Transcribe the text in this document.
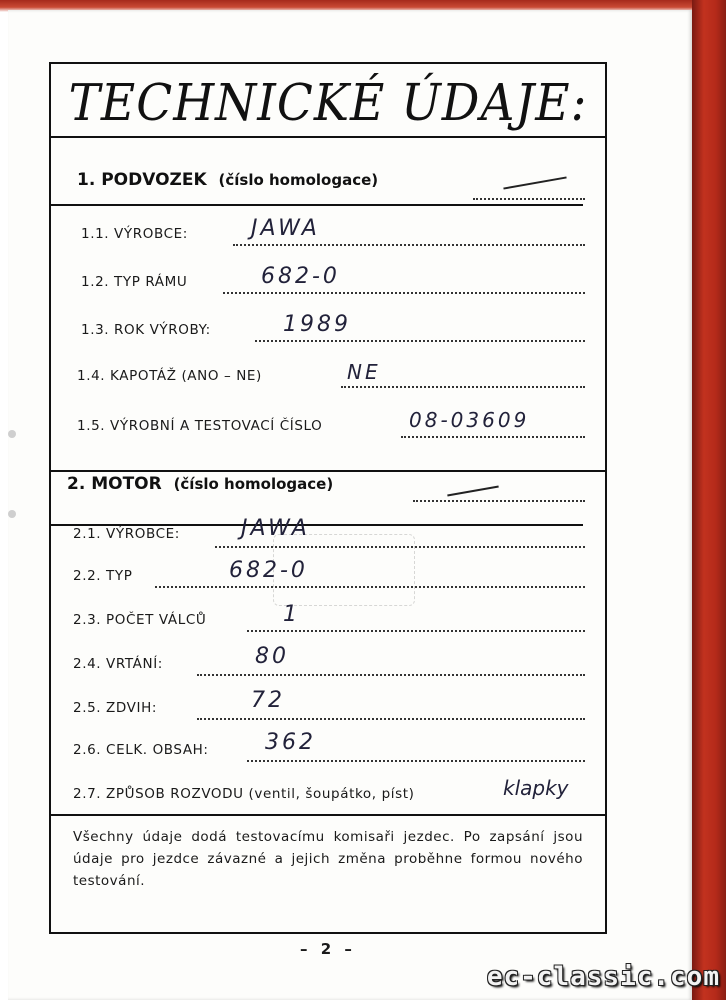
TECHNICKÉ ÚDAJE:
1. PODVOZEK (číslo homologace)
1.1. VÝROBCE:	JAWA
1.2. TYP RÁMU	682-0
1.3. ROK VÝROBY:	1989
1.4. KAPOTÁŽ (ANO – NE)	NE
1.5. VÝROBNÍ A TESTOVACÍ ČÍSLO	08-03609
2. MOTOR (číslo homologace)
2.1. VÝROBCE:	JAWA
2.2. TYP	682-0
2.3. POČET VÁLCŮ	1
2.4. VRTÁNÍ:	80
2.5. ZDVIH:	72
2.6. CELK. OBSAH:	362
2.7. ZPŮSOB ROZVODU (ventil, šoupátko, píst)	klapky
Všechny údaje dodá testovacímu komisaři jezdec. Po zapsání jsou údaje pro jezdce závazné a jejich změna proběhne formou nového testování.
– 2 –
ec-classic.com
